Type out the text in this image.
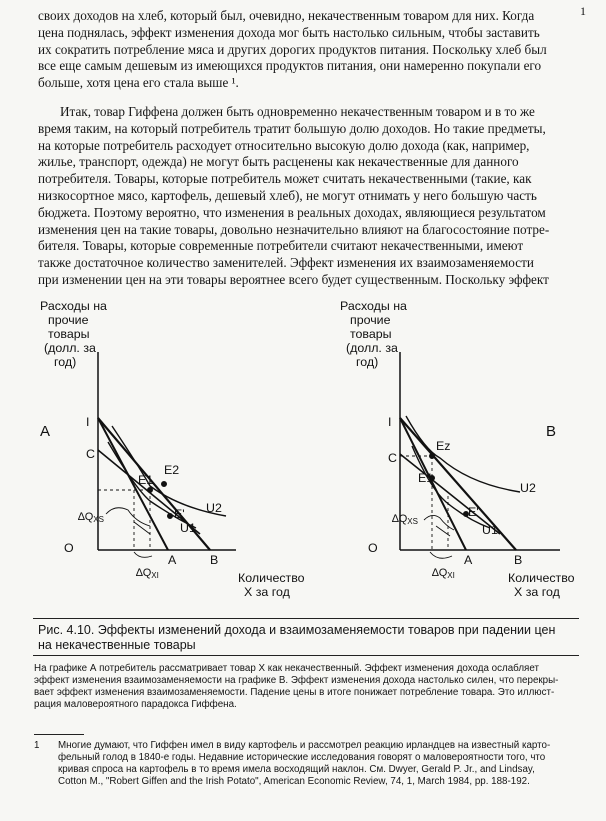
1
своих доходов на хлеб, который был, очевидно, некачественным товаром для них. Когда
цена поднялась, эффект изменения дохода мог быть настолько сильным, чтобы заставить
их сократить потребление мяса и других дорогих продуктов питания. Поскольку хлеб был
все еще самым дешевым из имеющихся продуктов питания, они намеренно покупали его
больше, хотя цена его стала выше ¹.
Итак, товар Гиффена должен быть одновременно некачественным товаром и в то же
время таким, на который потребитель тратит большую долю доходов. Но такие предметы,
на которые потребитель расходует относительно высокую долю дохода (как, например,
жилье, транспорт, одежда) не могут быть расценены как некачественные для данного
потребителя. Товары, которые потребитель может считать некачественными (такие, как
низкосортное мясо, картофель, дешевый хлеб), не могут отнимать у него большую часть
бюджета. Поэтому вероятно, что изменения в реальных доходах, являющиеся результатом
изменения цен на такие товары, довольно незначительно влияют на благосостояние потре-
бителя. Товары, которые современные потребители считают некачественными, имеют
также достаточное количество заменителей. Эффект изменения их взаимозаменяемости
при изменении цен на эти товары вероятнее всего будет существенным. Поскольку эффект
Расходы на
прочие
товары
(долл. за
год)
A
O
I
C
E1
E2
E'
U1
U2
A	B
∆QXS
∆QXI	Количество
X за год
Расходы на
прочие
товары
(долл. за
год)
B
O
I
C
Ez
E1
E'
U1
U2
A	B
∆QXS
∆QXI	Количество
X за год
Рис. 4.10. Эффекты изменений дохода и взаимозаменяемости товаров при падении цен
на некачественные товары
На графике А потребитель рассматривает товар X как некачественный. Эффект изменения дохода ослабляет
эффект изменения взаимозаменяемости на графике В. Эффект изменения дохода настолько силен, что перекры-
вает эффект изменения взаимозаменяемости. Падение цены в итоге понижает потребление товара. Это иллюст-
рация маловероятного парадокса Гиффена.
1 Многие думают, что Гиффен имел в виду картофель и рассмотрел реакцию ирландцев на известный карто-
фельный голод в 1840-е годы. Недавние исторические исследования говорят о маловероятности того, что
кривая спроса на картофель в то время имела восходящий наклон. См. Dwyer, Gerald P. Jr., and Lindsay,
Cotton M., "Robert Giffen and the Irish Potato", American Economic Review, 74, 1, March 1984, pp. 188-192.
